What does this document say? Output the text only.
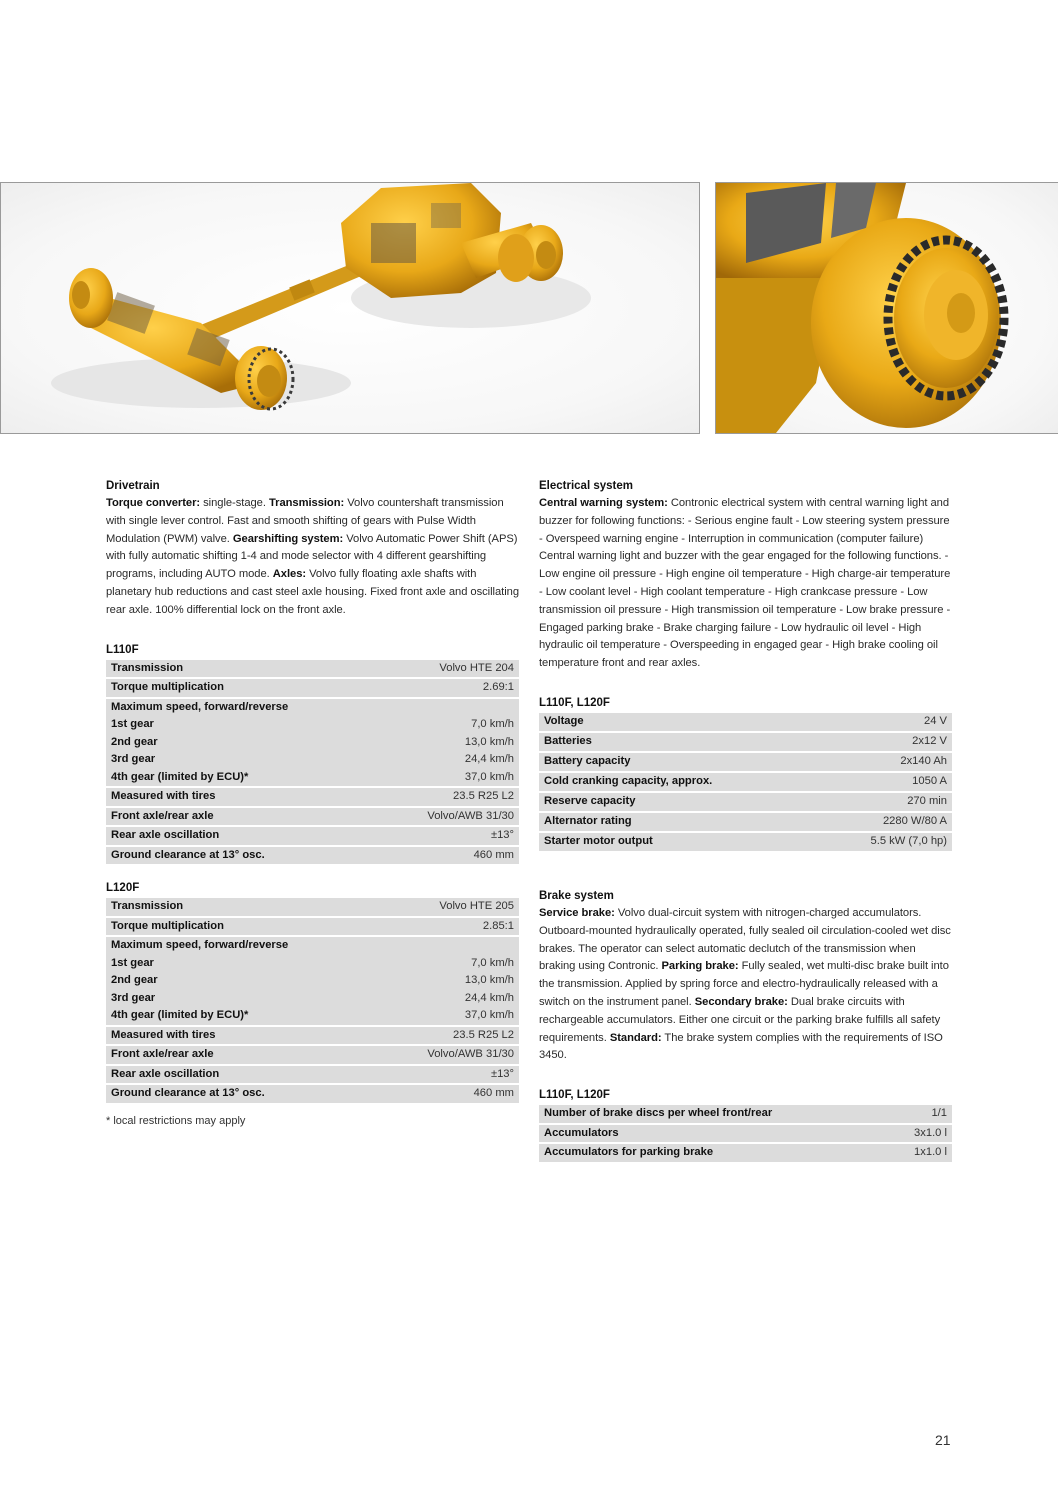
Drivetrain
Torque converter: single-stage. Transmission: Volvo countershaft transmission with single lever control. Fast and smooth shifting of gears with Pulse Width Modulation (PWM) valve. Gearshifting system: Volvo Automatic Power Shift (APS) with fully automatic shifting 1-4 and mode selector with 4 different gearshifting programs, including AUTO mode. Axles: Volvo fully floating axle shafts with planetary hub reductions and cast steel axle housing. Fixed front axle and oscillating rear axle. 100% differential lock on the front axle.
L110F
Transmission	Volvo HTE 204
Torque multiplication	2.69:1
Maximum speed, forward/reverse	
1st gear	7,0 km/h
2nd gear	13,0 km/h
3rd gear	24,4 km/h
4th gear (limited by ECU)*	37,0 km/h
Measured with tires	23.5 R25 L2
Front axle/rear axle	Volvo/AWB 31/30
Rear axle oscillation	±13°
Ground clearance at 13° osc.	460 mm
L120F
Transmission	Volvo HTE 205
Torque multiplication	2.85:1
Maximum speed, forward/reverse	
1st gear	7,0 km/h
2nd gear	13,0 km/h
3rd gear	24,4 km/h
4th gear (limited by ECU)*	37,0 km/h
Measured with tires	23.5 R25 L2
Front axle/rear axle	Volvo/AWB 31/30
Rear axle oscillation	±13°
Ground clearance at 13° osc.	460 mm
* local restrictions may apply
Electrical system
Central warning system: Contronic electrical system with central warning light and buzzer for following functions: - Serious engine fault - Low steering system pressure - Overspeed warning engine - Interruption in communication (computer failure) Central warning light and buzzer with the gear engaged for the following functions. - Low engine oil pressure - High engine oil temperature - High charge-air temperature - Low coolant level - High coolant temperature - High crankcase pressure - Low transmission oil pressure - High transmission oil temperature - Low brake pressure - Engaged parking brake - Brake charging failure - Low hydraulic oil level - High hydraulic oil temperature - Overspeeding in engaged gear - High brake cooling oil temperature front and rear axles.
L110F, L120F
Voltage	24 V
Batteries	2x12 V
Battery capacity	2x140 Ah
Cold cranking capacity, approx.	1050 A
Reserve capacity	270 min
Alternator rating	2280 W/80 A
Starter motor output	5.5 kW (7,0 hp)
Brake system
Service brake: Volvo dual-circuit system with nitrogen-charged accumulators. Outboard-mounted hydraulically operated, fully sealed oil circulation-cooled wet disc brakes. The operator can select automatic declutch of the transmission when braking using Contronic. Parking brake: Fully sealed, wet multi-disc brake built into the transmission. Applied by spring force and electro-hydraulically released with a switch on the instrument panel. Secondary brake: Dual brake circuits with rechargeable accumulators. Either one circuit or the parking brake fulfills all safety requirements. Standard: The brake system complies with the requirements of ISO 3450.
L110F, L120F
Number of brake discs per wheel front/rear	1/1
Accumulators	3x1.0 l
Accumulators for parking brake	1x1.0 l
21
